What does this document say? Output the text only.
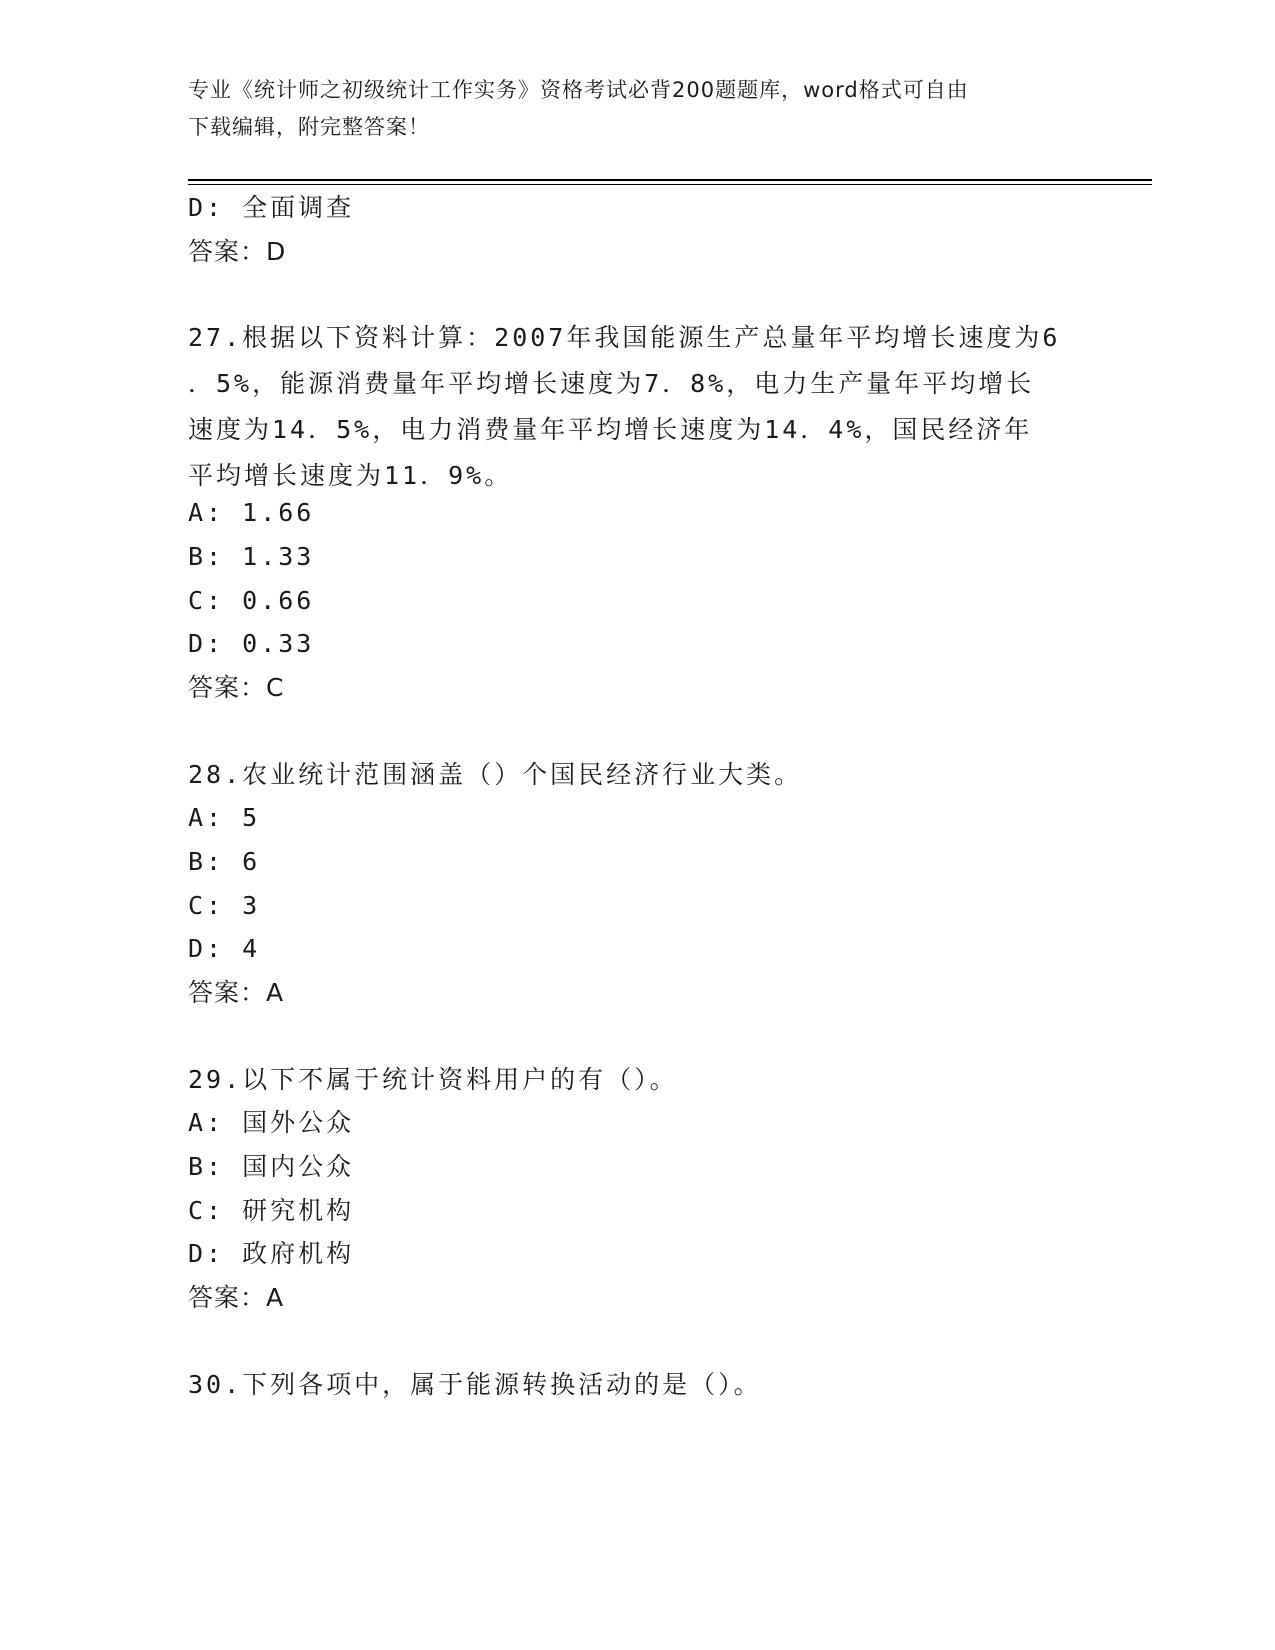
专业《统计师之初级统计工作实务》资格考试必背200题题库，word格式可自由
下载编辑，附完整答案！
D: 全面调查
答案：D
27.根据以下资料计算：2007年我国能源生产总量年平均增长速度为6
．5%，能源消费量年平均增长速度为7．8%，电力生产量年平均增长
速度为14．5%，电力消费量年平均增长速度为14．4%，国民经济年
平均增长速度为11．9%。
A: 1.66
B: 1.33
C: 0.66
D: 0.33
答案：C
28.农业统计范围涵盖（）个国民经济行业大类。
A: 5
B: 6
C: 3
D: 4
答案：A
29.以下不属于统计资料用户的有（）。
A: 国外公众
B: 国内公众
C: 研究机构
D: 政府机构
答案：A
30.下列各项中，属于能源转换活动的是（）。
